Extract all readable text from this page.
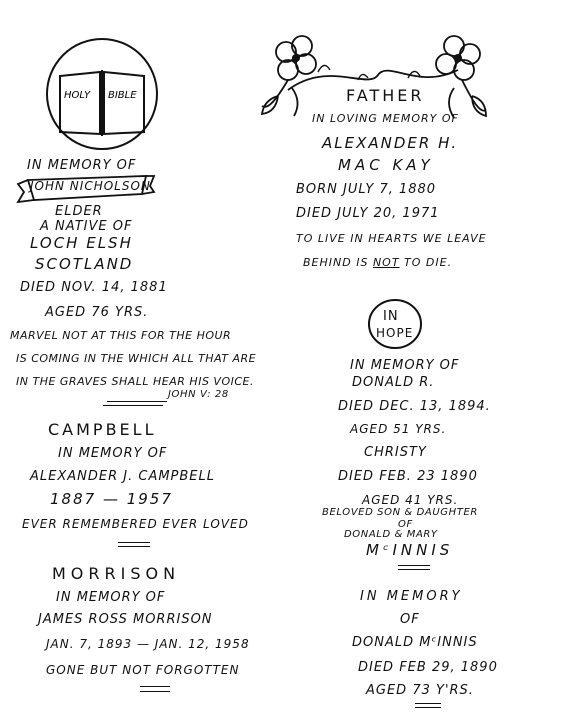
HOLY BIBLE
IN MEMORY OF
JOHN NICHOLSON
ELDER
A NATIVE OF
LOCH ELSH
SCOTLAND
DIED NOV. 14, 1881
AGED 76 YRS.
MARVEL NOT AT THIS FOR THE HOUR
IS COMING IN THE WHICH ALL THAT ARE
IN THE GRAVES SHALL HEAR HIS VOICE.
JOHN V: 28
CAMPBELL
IN MEMORY OF
ALEXANDER J. CAMPBELL
1887 — 1957
EVER REMEMBERED EVER LOVED
MORRISON
IN MEMORY OF
JAMES ROSS MORRISON
JAN. 7, 1893 — JAN. 12, 1958
GONE BUT NOT FORGOTTEN
FATHER
IN LOVING MEMORY OF
ALEXANDER H.
MAC KAY
BORN JULY 7, 1880
DIED JULY 20, 1971
TO LIVE IN HEARTS WE LEAVE
BEHIND IS NOT TO DIE.
IN
HOPE
IN MEMORY OF
DONALD R.
DIED DEC. 13, 1894.
AGED 51 YRS.
CHRISTY
DIED FEB. 23 1890
AGED 41 YRS.
BELOVED SON & DAUGHTER
OF
DONALD & MARY
MᶜINNIS
IN MEMORY
OF
DONALD MᶜINNIS
DIED FEB 29, 1890
AGED 73 Y'RS.
